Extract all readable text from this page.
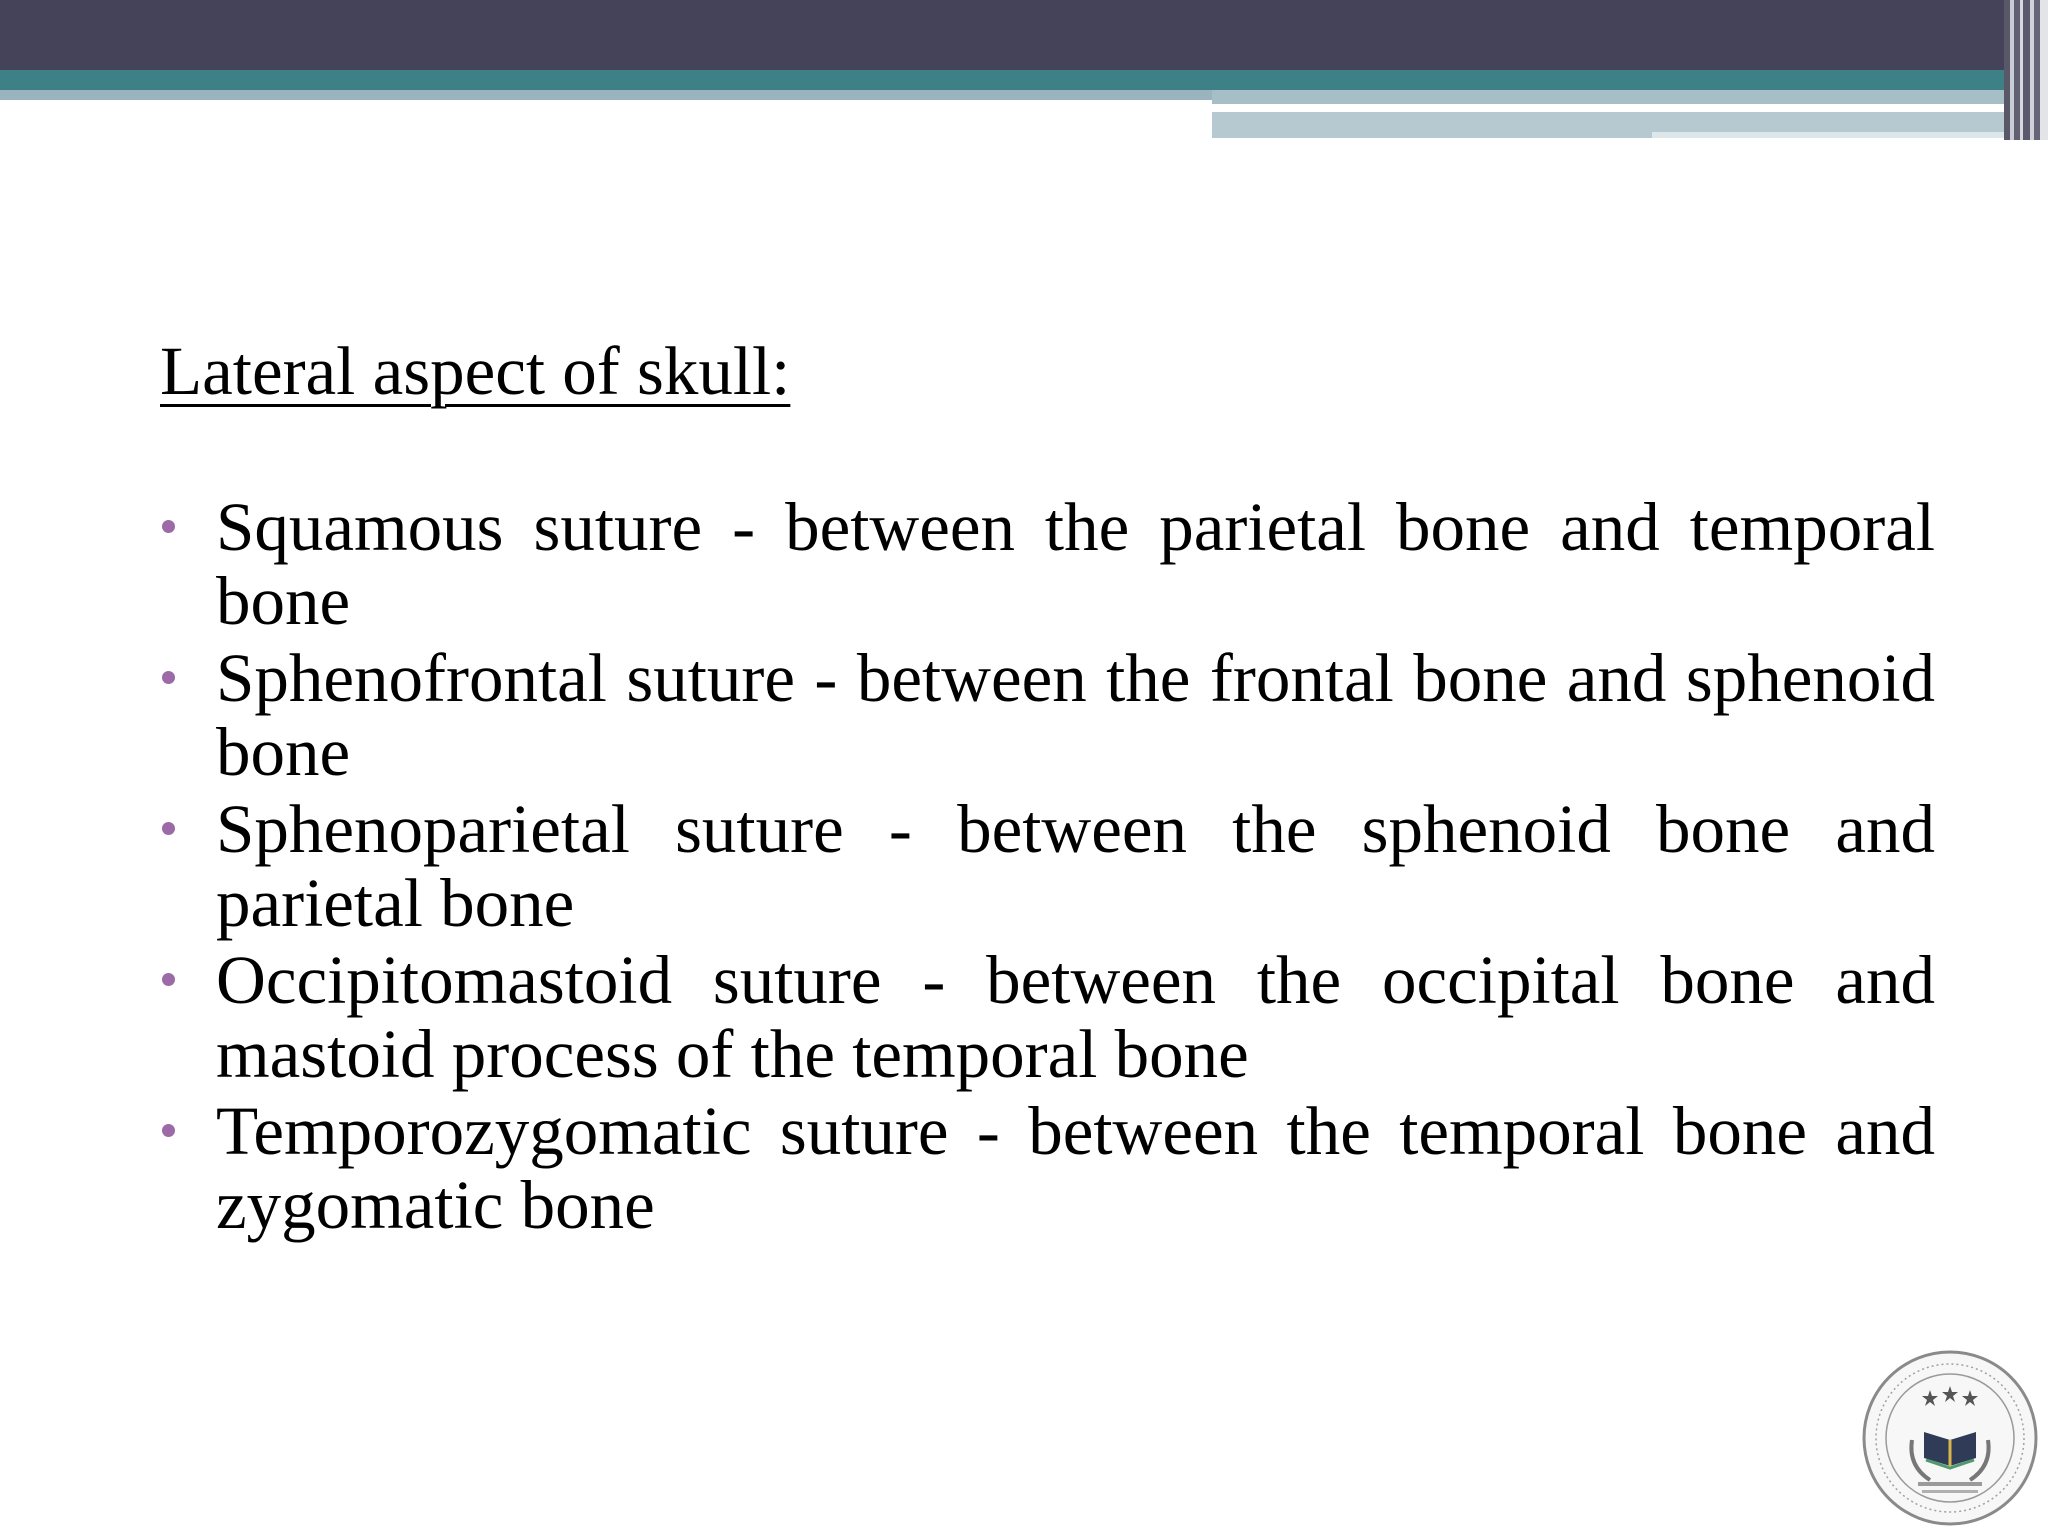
Lateral aspect of skull:
Squamous suture - between the parietal bone and temporal bone
Sphenofrontal suture - between the frontal bone and sphenoid bone
Sphenoparietal suture - between the sphenoid bone and parietal bone
Occipitomastoid suture - between the occipital bone and mastoid process of the temporal bone
Temporozygomatic suture - between the temporal bone and zygomatic bone
